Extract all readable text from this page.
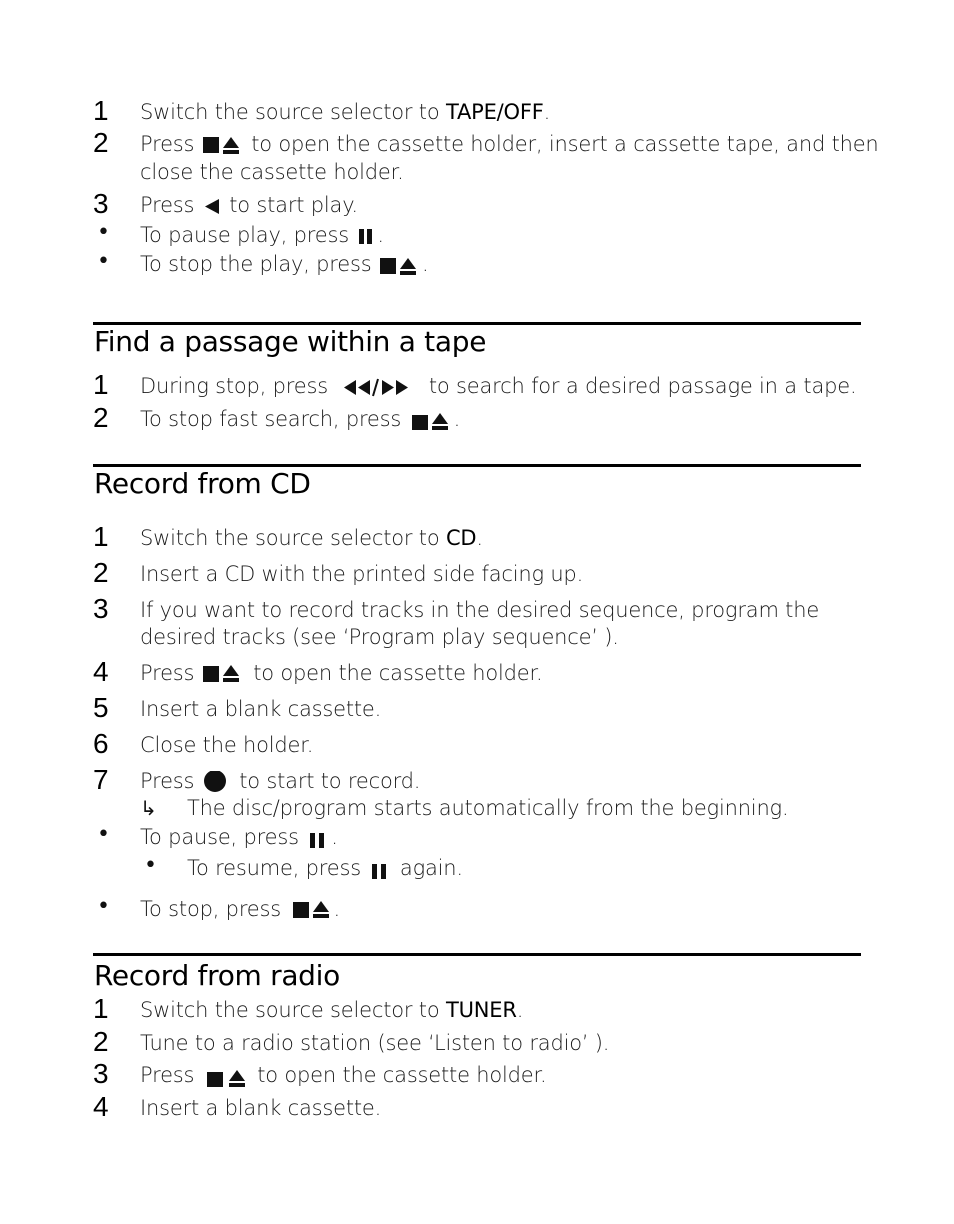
1 Switch the source selector to TAPE/OFF.
2 Press  to open the cassette holder, insert a cassette tape, and then
close the cassette holder.
3 Press  to start play.
• To pause play, press .
• To stop the play, press .
Find a passage within a tape
1 During stop, press	to search for a desired passage in a tape.
2 To stop fast search, press .
Record from CD
1 Switch the source selector to CD.
2 Insert a CD with the printed side facing up.
3 If you want to record tracks in the desired sequence, program the
desired tracks (see ‘Program play sequence’ ).
4 Press  to open the cassette holder.
5 Insert a blank cassette.
6 Close the holder.
7 Press  to start to record.
↳ The disc/program starts automatically from the beginning.
• To pause, press .
• To resume, press  again.
• To stop, press .
Record from radio
1 Switch the source selector to TUNER.
2 Tune to a radio station (see ‘Listen to radio’ ).
3 Press  to open the cassette holder.
4 Insert a blank cassette.
